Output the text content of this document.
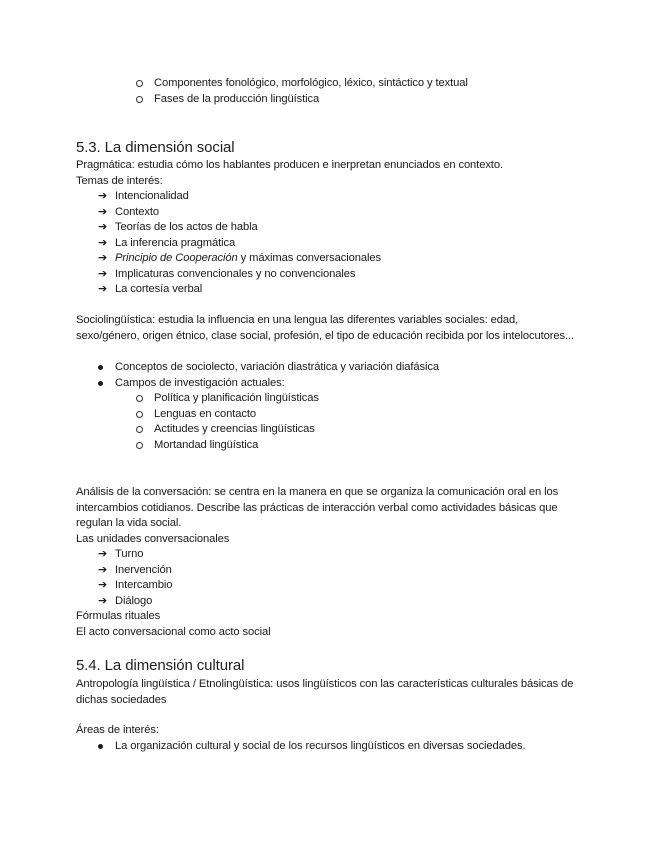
Componentes fonológico, morfológico, léxico, sintáctico y textual
Fases de la producción lingüística
5.3. La dimensión social
Pragmática: estudia cómo los hablantes producen e inerpretan enunciados en contexto.
Temas de interés:
➔ Intencionalidad
➔ Contexto
➔ Teorías de los actos de habla
➔ La inferencia pragmática
➔ Principio de Cooperación y máximas conversacionales
➔ Implicaturas convencionales y no convencionales
➔ La cortesía verbal
Sociolingüística: estudia la influencia en una lengua las diferentes variables sociales: edad, sexo/género, origen étnico, clase social, profesión, el tipo de educación recibida por los intelocutores...
Conceptos de sociolecto, variación diastrática y variación diafásica
Campos de investigación actuales:
Política y planificación lingüísticas
Lenguas en contacto
Actitudes y creencias lingüísticas
Mortandad lingüística
Análisis de la conversación: se centra en la manera en que se organiza la comunicación oral en los intercambios cotidianos. Describe las prácticas de interacción verbal como actividades básicas que regulan la vida social.
Las unidades conversacionales
➔ Turno
➔ Inervención
➔ Intercambio
➔ Diálogo
Fórmulas rituales
El acto conversacional como acto social
5.4. La dimensión cultural
Antropología lingüística / Etnolingüística: usos lingüísticos con las características culturales básicas de dichas sociedades
Áreas de interés:
La organización cultural y social de los recursos lingüísticos en diversas sociedades.
